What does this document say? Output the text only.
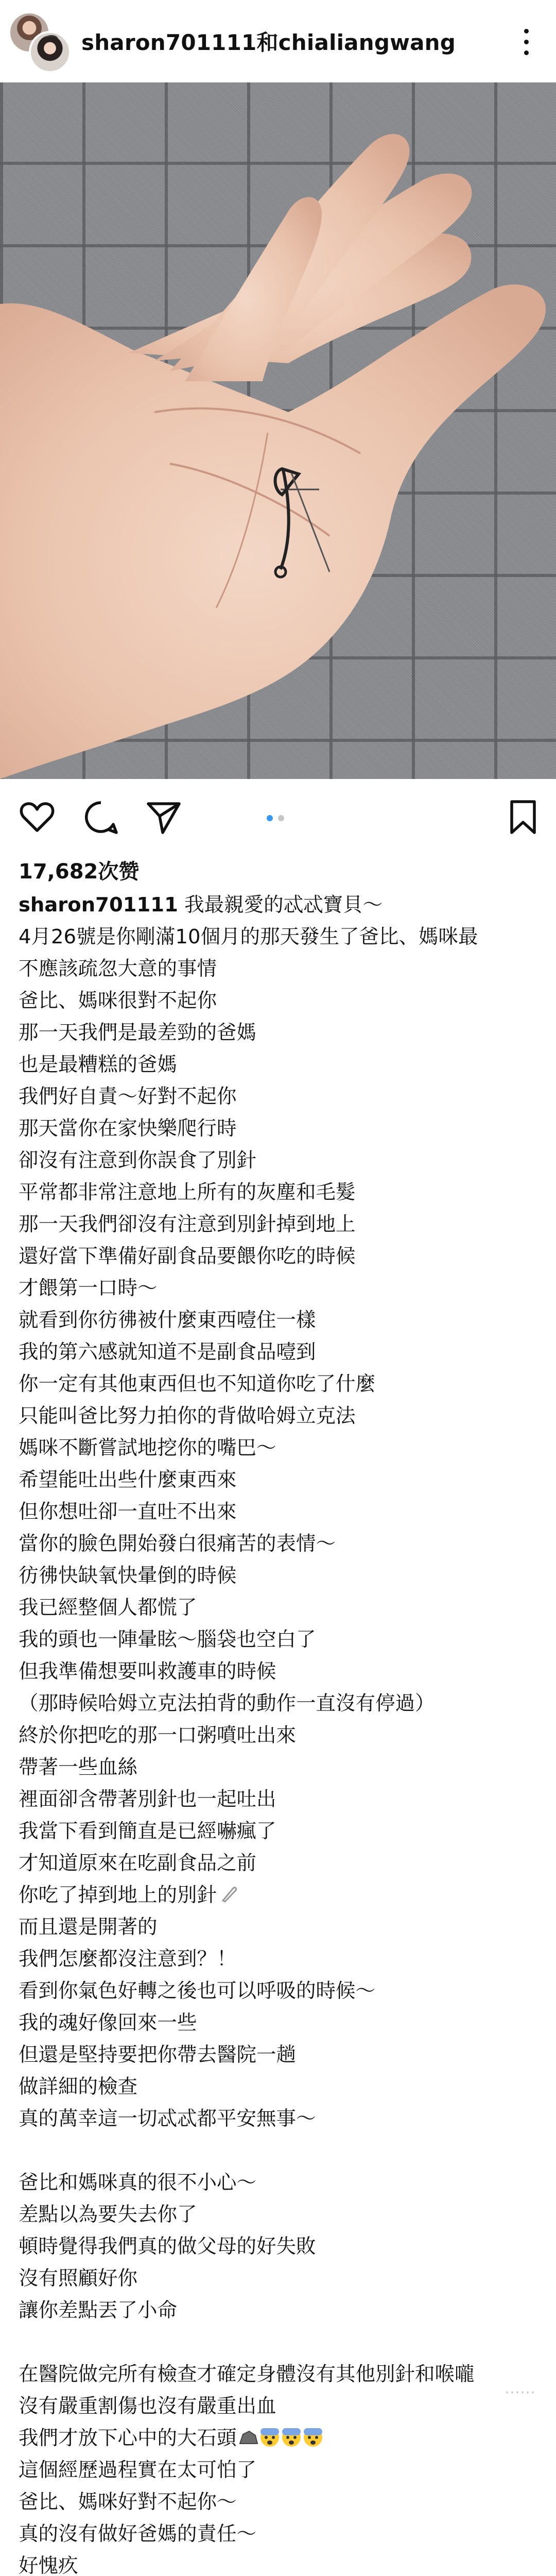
sharon701111和chialiangwang
17,682次赞
sharon701111 我最親愛的忒忒寶貝～
4月26號是你剛滿10個月的那天發生了爸比、媽咪最
不應該疏忽大意的事情
爸比、媽咪很對不起你
那一天我們是最差勁的爸媽
也是最糟糕的爸媽
我們好自責～好對不起你
那天當你在家快樂爬行時
卻沒有注意到你誤食了別針
平常都非常注意地上所有的灰塵和毛髮
那一天我們卻沒有注意到別針掉到地上
還好當下準備好副食品要餵你吃的時候
才餵第一口時～
就看到你彷彿被什麼東西噎住一樣
我的第六感就知道不是副食品噎到
你一定有其他東西但也不知道你吃了什麼
只能叫爸比努力拍你的背做哈姆立克法
媽咪不斷嘗試地挖你的嘴巴～
希望能吐出些什麼東西來
但你想吐卻一直吐不出來
當你的臉色開始發白很痛苦的表情～
彷彿快缺氧快暈倒的時候
我已經整個人都慌了
我的頭也一陣暈眩～腦袋也空白了
但我準備想要叫救護車的時候
（那時候哈姆立克法拍背的動作一直沒有停過）
終於你把吃的那一口粥噴吐出來
帶著一些血絲
裡面卻含帶著別針也一起吐出
我當下看到簡直是已經嚇瘋了
才知道原來在吃副食品之前
你吃了掉到地上的別針
而且還是開著的
我們怎麼都沒注意到？！
看到你氣色好轉之後也可以呼吸的時候～
我的魂好像回來一些
但還是堅持要把你帶去醫院一趟
做詳細的檢查
真的萬幸這一切忒忒都平安無事～
爸比和媽咪真的很不小心～
差點以為要失去你了
頓時覺得我們真的做父母的好失敗
沒有照顧好你
讓你差點丟了小命
在醫院做完所有檢查才確定身體沒有其他別針和喉嚨
沒有嚴重割傷也沒有嚴重出血
我們才放下心中的大石頭
這個經歷過程實在太可怕了
爸比、媽咪好對不起你～
真的沒有做好爸媽的責任～
好愧疚
⋯⋯
